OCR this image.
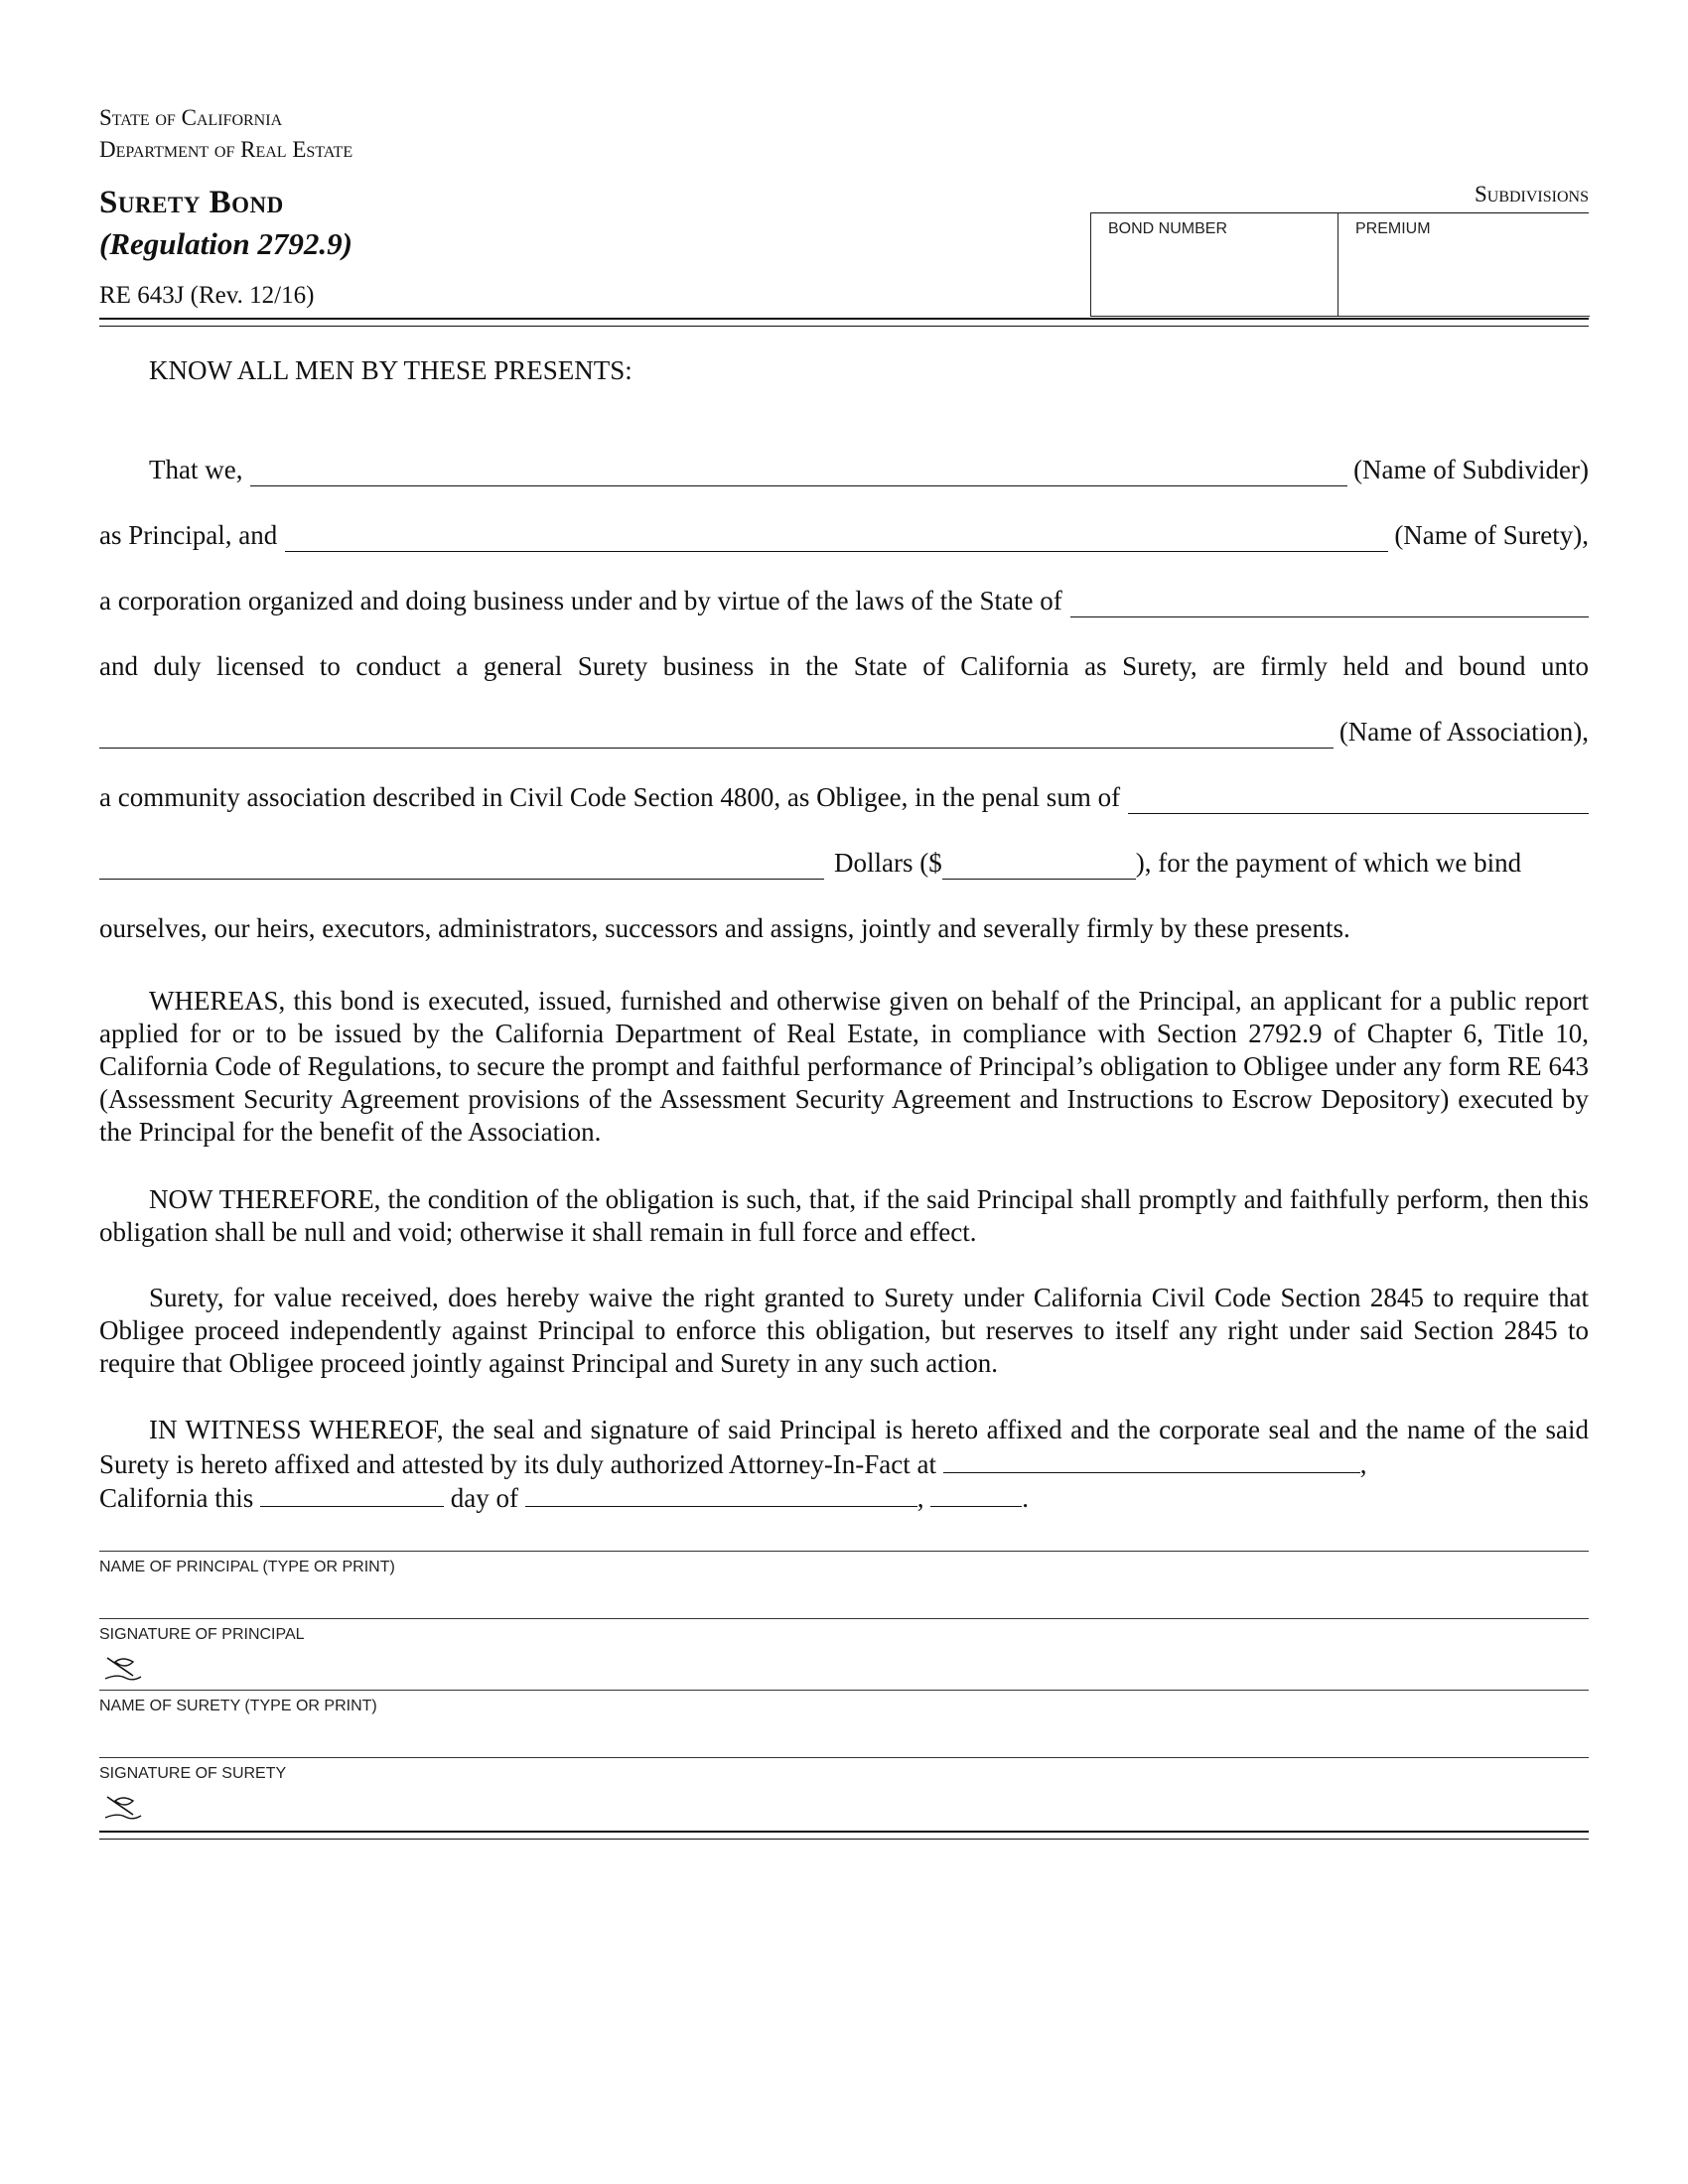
State of California
Department of Real Estate
Surety Bond
(Regulation 2792.9)
RE 643J (Rev. 12/16)
Subdivisions
BOND NUMBER	PREMIUM
KNOW ALL MEN BY THESE PRESENTS:
That we,	(Name of Subdivider)
as Principal, and	(Name of Surety),
a corporation organized and doing business under and by virtue of the laws of the State of
and duly licensed to conduct a general Surety business in the State of California as Surety, are firmly held and bound unto
(Name of Association),
a community association described in Civil Code Section 4800, as Obligee, in the penal sum of
Dollars ($	), for the payment of which we bind
ourselves, our heirs, executors, administrators, successors and assigns, jointly and severally firmly by these presents.
WHEREAS, this bond is executed, issued, furnished and otherwise given on behalf of the Principal, an applicant for a public report applied for or to be issued by the California Department of Real Estate, in compliance with Section 2792.9 of Chapter 6, Title 10, California Code of Regulations, to secure the prompt and faithful performance of Principal’s obligation to Obligee under any form RE 643 (Assessment Security Agreement provisions of the Assessment Security Agreement and Instructions to Escrow Depository) executed by the Principal for the benefit of the Association.
NOW THEREFORE, the condition of the obligation is such, that, if the said Principal shall promptly and faithfully perform, then this obligation shall be null and void; otherwise it shall remain in full force and effect.
Surety, for value received, does hereby waive the right granted to Surety under California Civil Code Section 2845 to require that Obligee proceed independently against Principal to enforce this obligation, but reserves to itself any right under said Section 2845 to require that Obligee proceed jointly against Principal and Surety in any such action.
IN WITNESS WHEREOF, the seal and signature of said Principal is hereto affixed and the corporate seal and the name of the said Surety is hereto affixed and attested by its duly authorized Attorney-In-Fact at	,
California this	day of	,	.
NAME OF PRINCIPAL (TYPE OR PRINT)
SIGNATURE OF PRINCIPAL
NAME OF SURETY (TYPE OR PRINT)
SIGNATURE OF SURETY
